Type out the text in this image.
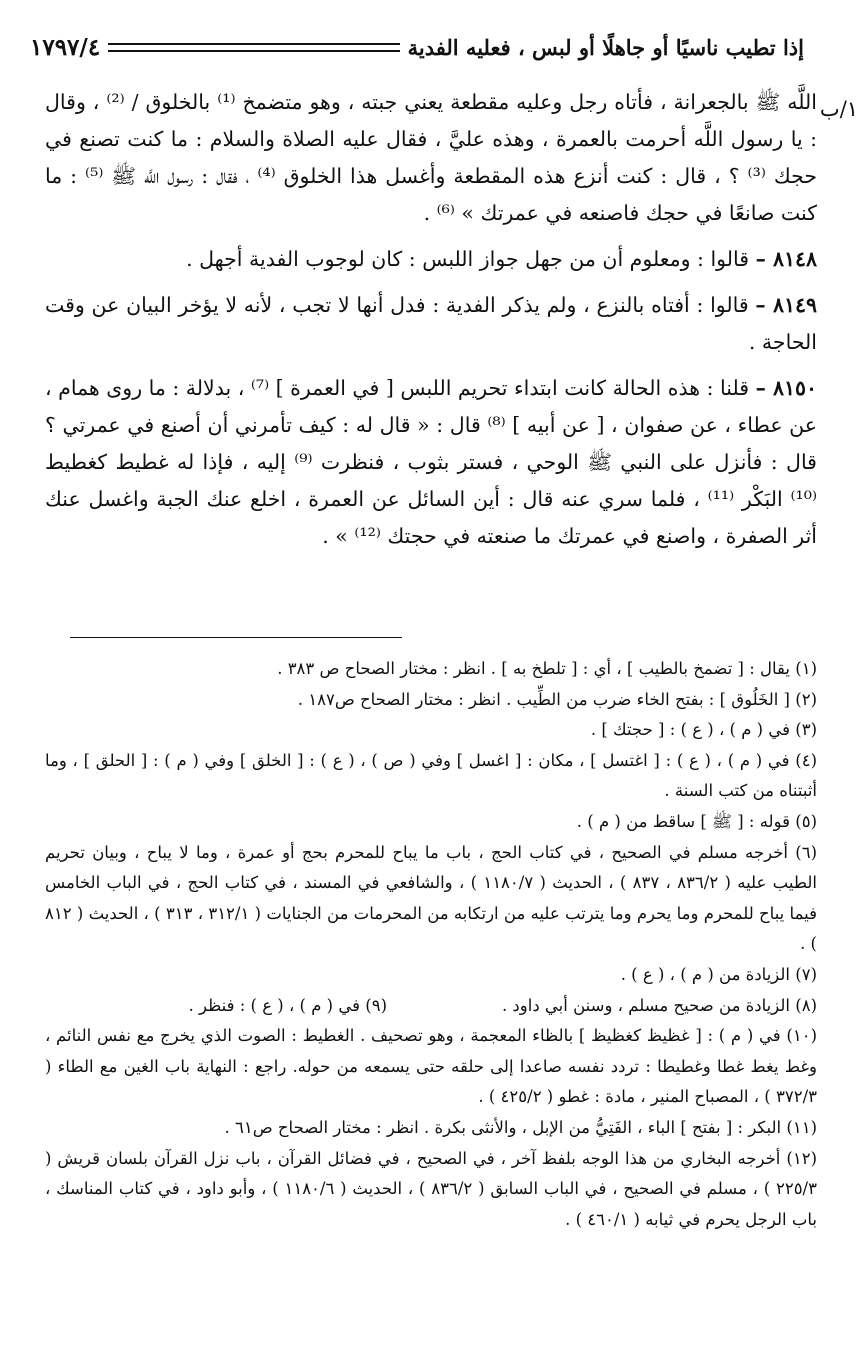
إذا تطيب ناسيًا أو جاهلًا أو لبس ، فعليه الفدية
١٧٩٧/٤
١/ب

اللَّه ﷺ بالجعرانة ، فأتاه رجل وعليه مقطعة يعني جبته ، وهو متضمخ ⁽¹⁾ بالخلوق / ⁽²⁾ ، وقال : يا رسول اللَّه أحرمت بالعمرة ، وهذه عليَّ ، فقال عليه الصلاة والسلام : ما كنت تصنع في حجك ⁽³⁾ ؟ ، قال : كنت أنزع هذه المقطعة وأغسل هذا الخلوق ⁽⁴⁾ ، فقال : رسول اللَّه ﷺ ⁽⁵⁾ : ما كنت صانعًا في حجك فاصنعه في عمرتك » ⁽⁶⁾ .

٨١٤٨ – قالوا : ومعلوم أن من جهل جواز اللبس : كان لوجوب الفدية أجهل .

٨١٤٩ – قالوا : أفتاه بالنزع ، ولم يذكر الفدية : فدل أنها لا تجب ، لأنه لا يؤخر البيان عن وقت الحاجة .

٨١٥٠ – قلنا : هذه الحالة كانت ابتداء تحريم اللبس [ في العمرة ] ⁽⁷⁾ ، بدلالة : ما روى همام ، عن عطاء ، عن صفوان ، [ عن أبيه ] ⁽⁸⁾ قال : « قال له : كيف تأمرني أن أصنع في عمرتي ؟ قال : فأنزل على النبي ﷺ الوحي ، فستر بثوب ، فنظرت ⁽⁹⁾ إليه ، فإذا له غطيط كغطيط ⁽¹⁰⁾ البَكْر ⁽¹¹⁾ ، فلما سري عنه قال : أين السائل عن العمرة ، اخلع عنك الجبة واغسل عنك أثر الصفرة ، واصنع في عمرتك ما صنعته في حجتك ⁽¹²⁾ » .

(١) يقال : [ تضمخ بالطيب ] ، أي : [ تلطخ به ] . انظر : مختار الصحاح ص ٣٨٣ .

(٢) [ الخَلُوق ] : بفتح الخاء ضرب من الطِّيب . انظر : مختار الصحاح ص١٨٧ .

(٣) في ( م ) ، ( ع ) : [ حجتك ] .

(٤) في ( م ) ، ( ع ) : [ اغتسل ] ، مكان : [ اغسل ] وفي ( ص ) ، ( ع ) : [ الخلق ] وفي ( م ) : [ الحلق ] ، وما أثبتناه من كتب السنة .

(٥) قوله : [ ﷺ ] ساقط من ( م ) .

(٦) أخرجه مسلم في الصحيح ، في كتاب الحج ، باب ما يباح للمحرم بحج أو عمرة ، وما لا يباح ، وبيان تحريم الطيب عليه ( ٨٣٦/٢ ، ٨٣٧ ) ، الحديث ( ١١٨٠/٧ ) ، والشافعي في المسند ، في كتاب الحج ، في الباب الخامس فيما يباح للمحرم وما يحرم وما يترتب عليه من ارتكابه من المحرمات من الجنايات ( ٣١٢/١ ، ٣١٣ ) ، الحديث ( ٨١٢ ) .

(٧) الزيادة من ( م ) ، ( ع ) .

(٨) الزيادة من صحيح مسلم ، وسنن أبي داود .
(٩) في ( م ) ، ( ع ) : فنظر .

(١٠) في ( م ) : [ غظيظ كغظيظ ] بالظاء المعجمة ، وهو تصحيف . الغطيط : الصوت الذي يخرج مع نفس النائم ، وغط يغط غطا وغطيطا : تردد نفسه صاعدا إلى حلقه حتى يسمعه من حوله. راجع : النهاية باب الغين مع الطاء ( ٣٧٢/٣ ) ، المصباح المنير ، مادة : غطو ( ٤٢٥/٢ ) .

(١١) البكر : [ بفتح ] الباء ، الفَتِيُّ من الإبل ، والأنثى بكرة . انظر : مختار الصحاح ص٦١ .

(١٢) أخرجه البخاري من هذا الوجه بلفظ آخر ، في الصحيح ، في فضائل القرآن ، باب نزل القرآن بلسان قريش ( ٢٢٥/٣ ) ، مسلم في الصحيح ، في الباب السابق ( ٨٣٦/٢ ) ، الحديث ( ١١٨٠/٦ ) ، وأبو داود ، في كتاب المناسك ، باب الرجل يحرم في ثيابه ( ٤٦٠/١ ) .
